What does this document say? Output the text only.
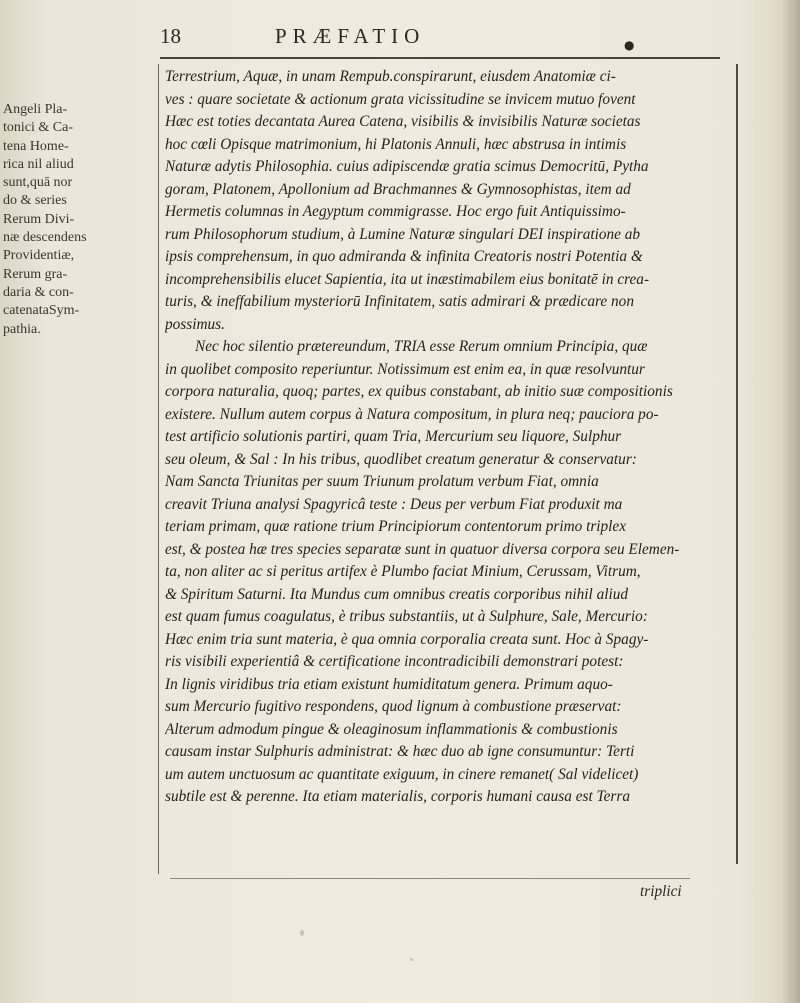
18	PRÆFATIO	●
Angeli Pla-
tonici & Ca-
tena Home-
rica nil aliud
sunt,quā nor
do & series
Rerum Divi-
næ descendens
Providentiæ,
Rerum gra-
daria & con-
catenataSym-
pathia.
Terrestrium, Aquæ, in unam Rempub.conspirarunt, eiusdem Anatomiæ ci-
ves : quare societate & actionum grata vicissitudine se invicem mutuo fovent
Hæc est toties decantata Aurea Catena, visibilis & invisibilis Naturæ societas
hoc cœli Opisque matrimonium, hi Platonis Annuli, hæc abstrusa in intimis
Naturæ adytis Philosophia. cuius adipiscendæ gratia scimus Democritū, Pytha
goram, Platonem, Apollonium ad Brachmannes & Gymnosophistas, item ad
Hermetis columnas in Aegyptum commigrasse. Hoc ergo fuit Antiquissimo-
rum Philosophorum studium, à Lumine Naturæ singulari DEI inspiratione ab
ipsis comprehensum, in quo admiranda & infinita Creatoris nostri Potentia &
incomprehensibilis elucet Sapientia, ita ut inæstimabilem eius bonitatē in crea-
turis, & ineffabilium mysteriorū Infinitatem, satis admirari & prædicare non
possimus.
Nec hoc silentio prætereundum, TRIA esse Rerum omnium Principia, quæ
in quolibet composito reperiuntur. Notissimum est enim ea, in quæ resolvuntur
corpora naturalia, quoq; partes, ex quibus constabant, ab initio suæ compositionis
existere. Nullum autem corpus à Natura compositum, in plura neq; pauciora po-
test artificio solutionis partiri, quam Tria, Mercurium seu liquore, Sulphur
seu oleum, & Sal : In his tribus, quodlibet creatum generatur & conservatur:
Nam Sancta Triunitas per suum Triunum prolatum verbum Fiat, omnia
creavit Triuna analysi Spagyricâ teste : Deus per verbum Fiat produxit ma
teriam primam, quæ ratione trium Principiorum contentorum primo triplex
est, & postea hæ tres species separatæ sunt in quatuor diversa corpora seu Elemen-
ta, non aliter ac si peritus artifex è Plumbo faciat Minium, Cerussam, Vitrum,
& Spiritum Saturni. Ita Mundus cum omnibus creatis corporibus nihil aliud
est quam fumus coagulatus, è tribus substantiis, ut à Sulphure, Sale, Mercurio:
Hæc enim tria sunt materia, è qua omnia corporalia creata sunt. Hoc à Spagy-
ris visibili experientiâ & certificatione incontradicibili demonstrari potest:
In lignis viridibus tria etiam existunt humiditatum genera. Primum aquo-
sum Mercurio fugitivo respondens, quod lignum à combustione præservat:
Alterum admodum pingue & oleaginosum inflammationis & combustionis
causam instar Sulphuris administrat: & hæc duo ab igne consumuntur: Terti
um autem unctuosum ac quantitate exiguum, in cinere remanet( Sal videlicet)
subtile est & perenne. Ita etiam materialis, corporis humani causa est Terra
triplici
